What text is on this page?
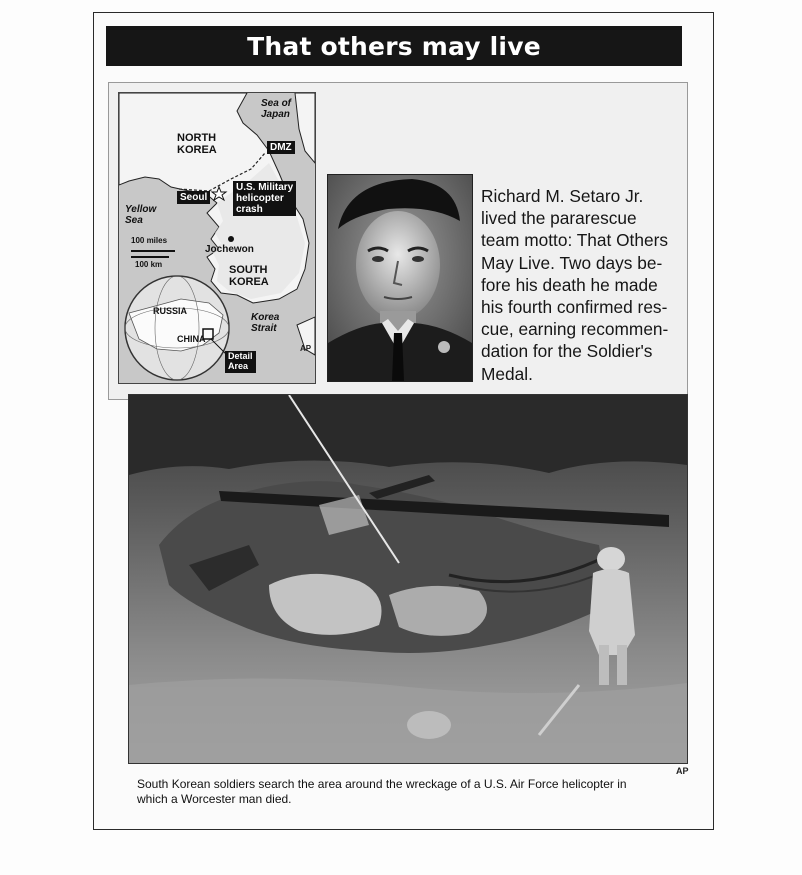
That others may live
Sea of
Japan
NORTH
KOREA	DMZ
Seoul
U.S. Military
helicopter
crash
Yellow
Sea
100 miles
100 km
Jochewon
SOUTH
KOREA
RUSSIA
CHINA
Korea
Strait
Detail
Area
AP
Richard M. Setaro Jr.
lived the pararescue
team motto: That Others
May Live. Two days be-
fore his death he made
his fourth confirmed res-
cue, earning recommen-
dation for the Soldier's
Medal.
AP
South Korean soldiers search the area around the wreckage of a U.S. Air Force helicopter in
which a Worcester man died.
